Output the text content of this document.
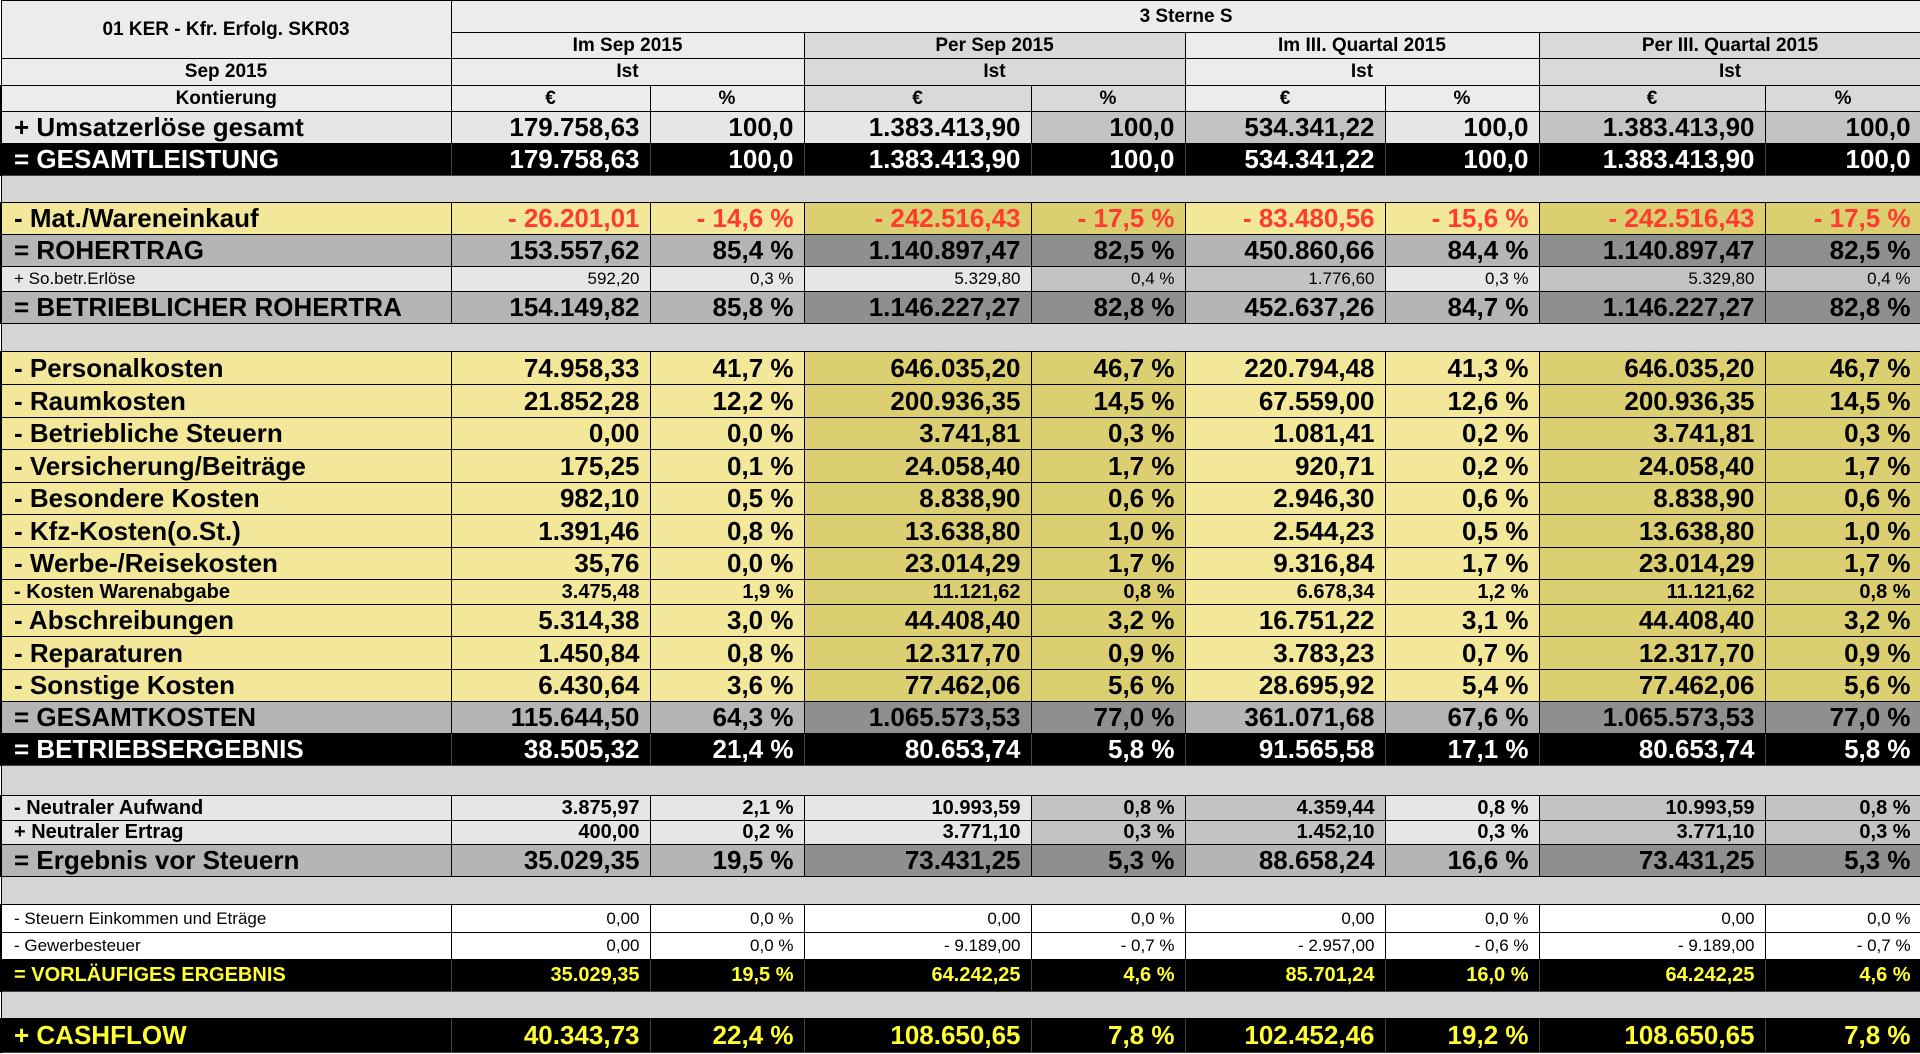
01 KER - Kfr. Erfolg. SKR03	3 Sterne S							
	Im Sep 2015		Per Sep 2015		Im III. Quartal 2015		Per III. Quartal 2015	
Sep 2015	Ist		Ist		Ist		Ist	
Kontierung	€	%	€	%	€	%	€	%
+ Umsatzerlöse gesamt	179.758,63	100,0	1.383.413,90	100,0	534.341,22	100,0	1.383.413,90	100,0
= GESAMTLEISTUNG	179.758,63	100,0	1.383.413,90	100,0	534.341,22	100,0	1.383.413,90	100,0

- Mat./Wareneinkauf	- 26.201,01	- 14,6 %	- 242.516,43	- 17,5 %	- 83.480,56	- 15,6 %	- 242.516,43	- 17,5 %
= ROHERTRAG	153.557,62	85,4 %	1.140.897,47	82,5 %	450.860,66	84,4 %	1.140.897,47	82,5 %
+ So.betr.Erlöse	592,20	0,3 %	5.329,80	0,4 %	1.776,60	0,3 %	5.329,80	0,4 %
= BETRIEBLICHER ROHERTRA	154.149,82	85,8 %	1.146.227,27	82,8 %	452.637,26	84,7 %	1.146.227,27	82,8 %

- Personalkosten	74.958,33	41,7 %	646.035,20	46,7 %	220.794,48	41,3 %	646.035,20	46,7 %
- Raumkosten	21.852,28	12,2 %	200.936,35	14,5 %	67.559,00	12,6 %	200.936,35	14,5 %
- Betriebliche Steuern	0,00	0,0 %	3.741,81	0,3 %	1.081,41	0,2 %	3.741,81	0,3 %
- Versicherung/Beiträge	175,25	0,1 %	24.058,40	1,7 %	920,71	0,2 %	24.058,40	1,7 %
- Besondere Kosten	982,10	0,5 %	8.838,90	0,6 %	2.946,30	0,6 %	8.838,90	0,6 %
- Kfz-Kosten(o.St.)	1.391,46	0,8 %	13.638,80	1,0 %	2.544,23	0,5 %	13.638,80	1,0 %
- Werbe-/Reisekosten	35,76	0,0 %	23.014,29	1,7 %	9.316,84	1,7 %	23.014,29	1,7 %
- Kosten Warenabgabe	3.475,48	1,9 %	11.121,62	0,8 %	6.678,34	1,2 %	11.121,62	0,8 %
- Abschreibungen	5.314,38	3,0 %	44.408,40	3,2 %	16.751,22	3,1 %	44.408,40	3,2 %
- Reparaturen	1.450,84	0,8 %	12.317,70	0,9 %	3.783,23	0,7 %	12.317,70	0,9 %
- Sonstige Kosten	6.430,64	3,6 %	77.462,06	5,6 %	28.695,92	5,4 %	77.462,06	5,6 %
= GESAMTKOSTEN	115.644,50	64,3 %	1.065.573,53	77,0 %	361.071,68	67,6 %	1.065.573,53	77,0 %
= BETRIEBSERGEBNIS	38.505,32	21,4 %	80.653,74	5,8 %	91.565,58	17,1 %	80.653,74	5,8 %

- Neutraler Aufwand	3.875,97	2,1 %	10.993,59	0,8 %	4.359,44	0,8 %	10.993,59	0,8 %
+ Neutraler Ertrag	400,00	0,2 %	3.771,10	0,3 %	1.452,10	0,3 %	3.771,10	0,3 %
= Ergebnis vor Steuern	35.029,35	19,5 %	73.431,25	5,3 %	88.658,24	16,6 %	73.431,25	5,3 %

- Steuern Einkommen und Eträge	0,00	0,0 %	0,00	0,0 %	0,00	0,0 %	0,00	0,0 %
- Gewerbesteuer	0,00	0,0 %	- 9.189,00	- 0,7 %	- 2.957,00	- 0,6 %	- 9.189,00	- 0,7 %
= VORLÄUFIGES ERGEBNIS	35.029,35	19,5 %	64.242,25	4,6 %	85.701,24	16,0 %	64.242,25	4,6 %

+ CASHFLOW	40.343,73	22,4 %	108.650,65	7,8 %	102.452,46	19,2 %	108.650,65	7,8 %
